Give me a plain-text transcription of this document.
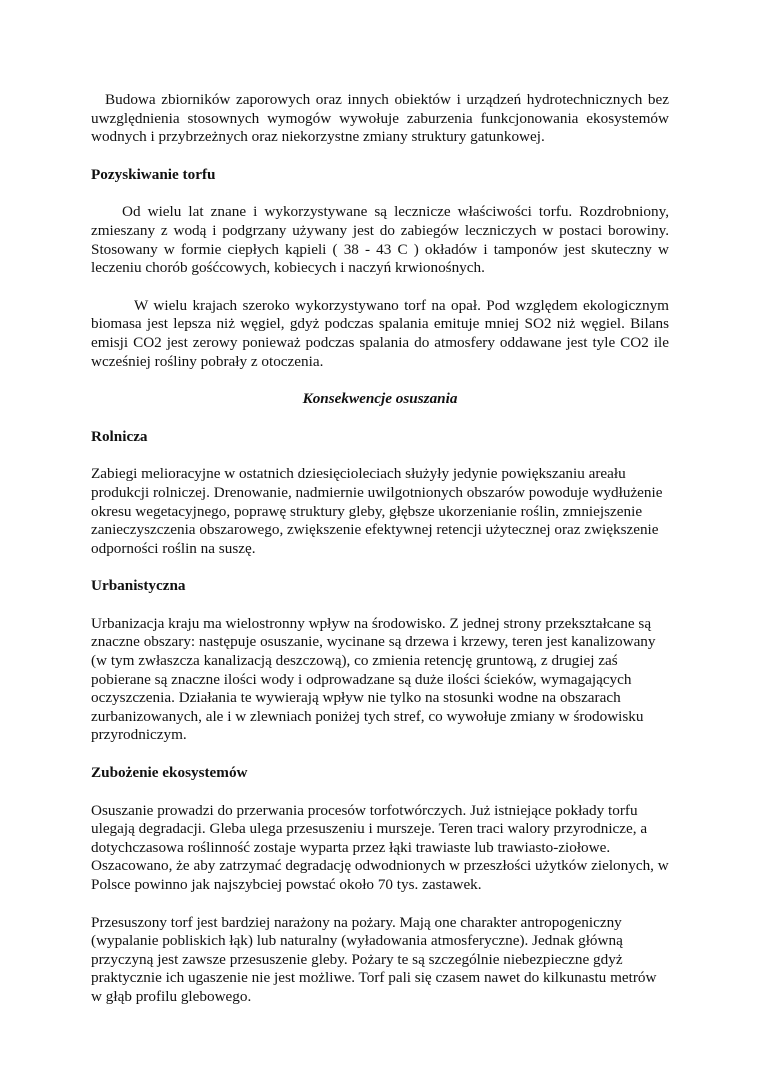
Budowa zbiorników zaporowych oraz innych obiektów i urządzeń hydrotechnicznych bez uwzględnienia stosownych wymogów wywołuje zaburzenia funkcjonowania ekosystemów wodnych i przybrzeżnych oraz niekorzystne zmiany struktury gatunkowej.

Pozyskiwanie torfu

Od wielu lat znane i wykorzystywane są lecznicze właściwości torfu. Rozdrobniony, zmieszany z wodą i podgrzany używany jest do zabiegów leczniczych w postaci borowiny. Stosowany w formie ciepłych kąpieli ( 38 - 43 C ) okładów i tamponów jest skuteczny w leczeniu chorób gośćcowych, kobiecych i naczyń krwionośnych.

W wielu krajach szeroko wykorzystywano torf na opał. Pod względem ekologicznym biomasa jest lepsza niż węgiel, gdyż podczas spalania emituje mniej SO2 niż węgiel. Bilans emisji CO2 jest zerowy ponieważ podczas spalania do atmosfery oddawane jest tyle CO2 ile wcześniej rośliny pobrały z otoczenia.

Konsekwencje osuszania

Rolnicza

Zabiegi melioracyjne w ostatnich dziesięcioleciach służyły jedynie powiększaniu areału produkcji rolniczej. Drenowanie, nadmiernie uwilgotnionych obszarów powoduje wydłużenie okresu wegetacyjnego, poprawę struktury gleby, głębsze ukorzenianie roślin, zmniejszenie zanieczyszczenia obszarowego, zwiększenie efektywnej retencji użytecznej oraz zwiększenie odporności roślin na suszę.

Urbanistyczna

Urbanizacja kraju ma wielostronny wpływ na środowisko. Z jednej strony przekształcane są znaczne obszary: następuje osuszanie, wycinane są drzewa i krzewy, teren jest kanalizowany (w tym zwłaszcza kanalizacją deszczową), co zmienia retencję gruntową, z drugiej zaś pobierane są znaczne ilości wody i odprowadzane są duże ilości ścieków, wymagających oczyszczenia. Działania te wywierają wpływ nie tylko na stosunki wodne na obszarach zurbanizowanych, ale i w zlewniach poniżej tych stref, co wywołuje zmiany w środowisku przyrodniczym.

Zubożenie ekosystemów

Osuszanie prowadzi do przerwania procesów torfotwórczych. Już istniejące pokłady torfu ulegają degradacji. Gleba ulega przesuszeniu i murszeje. Teren traci walory przyrodnicze, a dotychczasowa roślinność zostaje wyparta przez łąki trawiaste lub trawiasto-ziołowe. Oszacowano, że aby zatrzymać degradację odwodnionych w przeszłości użytków zielonych, w Polsce powinno jak najszybciej powstać około 70 tys. zastawek.

Przesuszony torf jest bardziej narażony na pożary. Mają one charakter antropogeniczny (wypalanie pobliskich łąk) lub naturalny (wyładowania atmosferyczne). Jednak główną przyczyną jest zawsze przesuszenie gleby. Pożary te są szczególnie niebezpieczne gdyż praktycznie ich ugaszenie nie jest możliwe. Torf pali się czasem nawet do kilkunastu metrów w głąb profilu glebowego.
